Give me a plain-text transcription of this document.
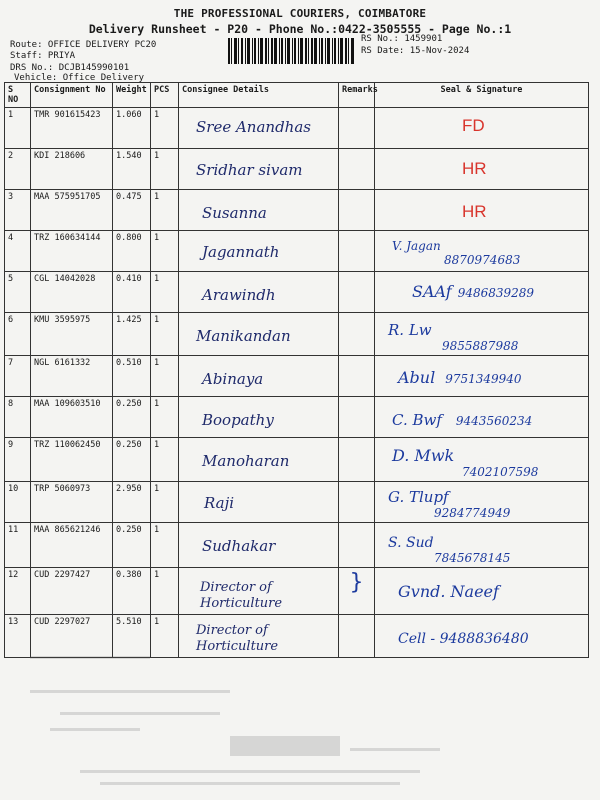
THE PROFESSIONAL COURIERS, COIMBATORE
Delivery Runsheet - P20 - Phone No.:0422-3505555 - Page No.:1
Route: OFFICE DELIVERY PC20
Staff: PRIYA
DRS No.: DCJB145990101
Vehicle: Office Delivery
RS No.: 1459901
RS Date: 15-Nov-2024
S NO	Consignment No	Weight	PCS	Consignee Details	Remarks	Seal & Signature
1	TMR 901615423	1.060	1	Sree Anandhas		FD

2	KDI 218606	1.540	1	Sridhar sivam		HR

3	MAA 575951705	0.475	1	Susanna		HR

4	TRZ 160634144	0.800	1	Jagannath		V. Jagan
8870974683

5	CGL 14042028	0.410	1	Arawindh		SAAf 9486839289
6	KMU 3595975	1.425	1	Manikandan		R. Lw
9855887988

7	NGL 6161332	0.510	1	Abinaya		Abul 9751349940
8	MAA 109603510	0.250	1	Boopathy		C. Bwf 9443560234
9	TRZ 110062450	0.250	1	Manoharan		D. Mwk
7402107598

10	TRP 5060973	2.950	1	Raji		G. Tlupf
9284774949

11	MAA 865621246	0.250	1	Sudhakar		S. Sud
7845678145

12	CUD 2297427	0.380	1	Director of Horticulture	}	Gvnd. Naeef

13	CUD 2297027	5.510	1	Director of Horticulture		Cell - 9488836480
